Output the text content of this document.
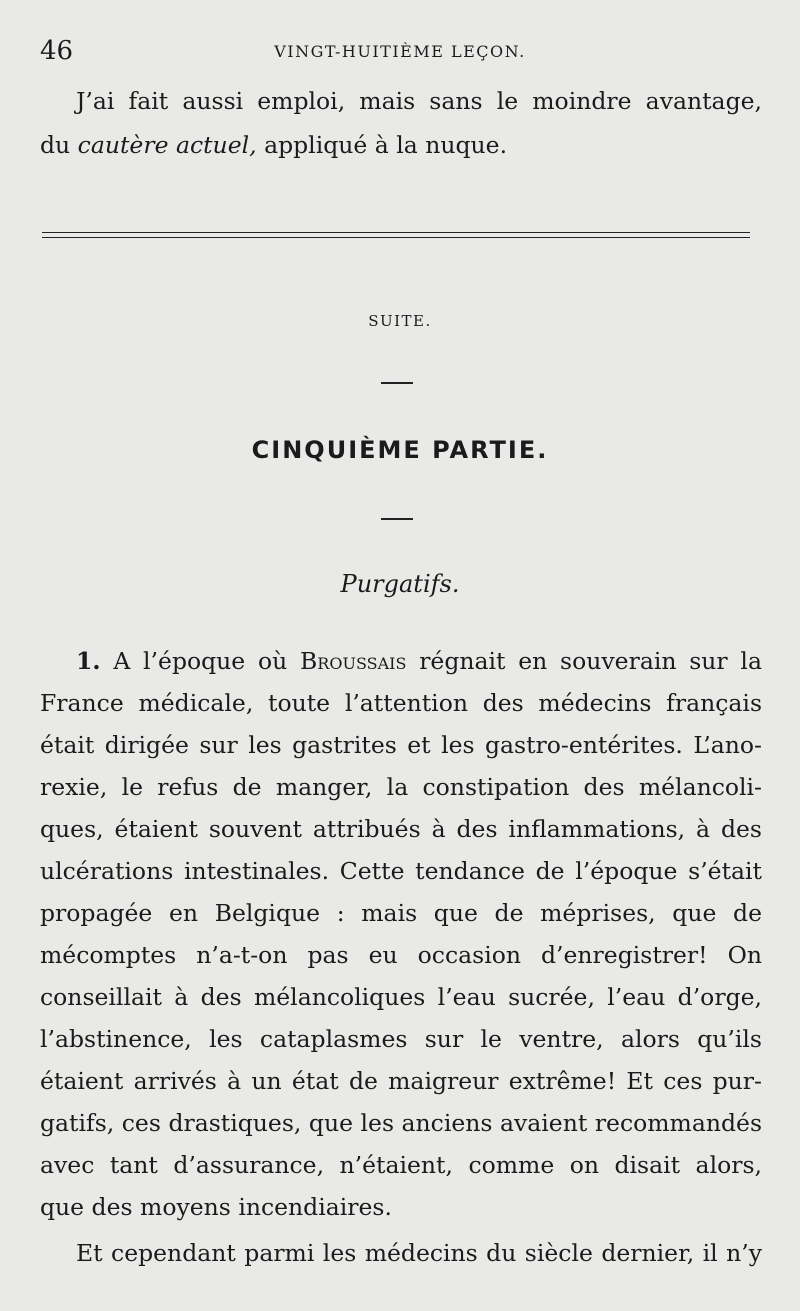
46	VINGT-HUITIÈME LEÇON.
J’ai fait aussi emploi, mais sans le moindre avantage,
du cautère actuel, appliqué à la nuque.
SUITE.
CINQUIÈME PARTIE.
Purgatifs.
1. A l’époque où Broussais régnait en souverain sur la
France médicale, toute l’attention des médecins français
était dirigée sur les gastrites et les gastro-entérites. L’ano-
rexie, le refus de manger, la constipation des mélancoli-
ques, étaient souvent attribués à des inflammations, à des
ulcérations intestinales. Cette tendance de l’époque s’était
propagée en Belgique : mais que de méprises, que de
mécomptes n’a-t-on pas eu occasion d’enregistrer! On
conseillait à des mélancoliques l’eau sucrée, l’eau d’orge,
l’abstinence, les cataplasmes sur le ventre, alors qu’ils
étaient arrivés à un état de maigreur extrême! Et ces pur-
gatifs, ces drastiques, que les anciens avaient recommandés
avec tant d’assurance, n’étaient, comme on disait alors,
que des moyens incendiaires.
Et cependant parmi les médecins du siècle dernier, il n’y
